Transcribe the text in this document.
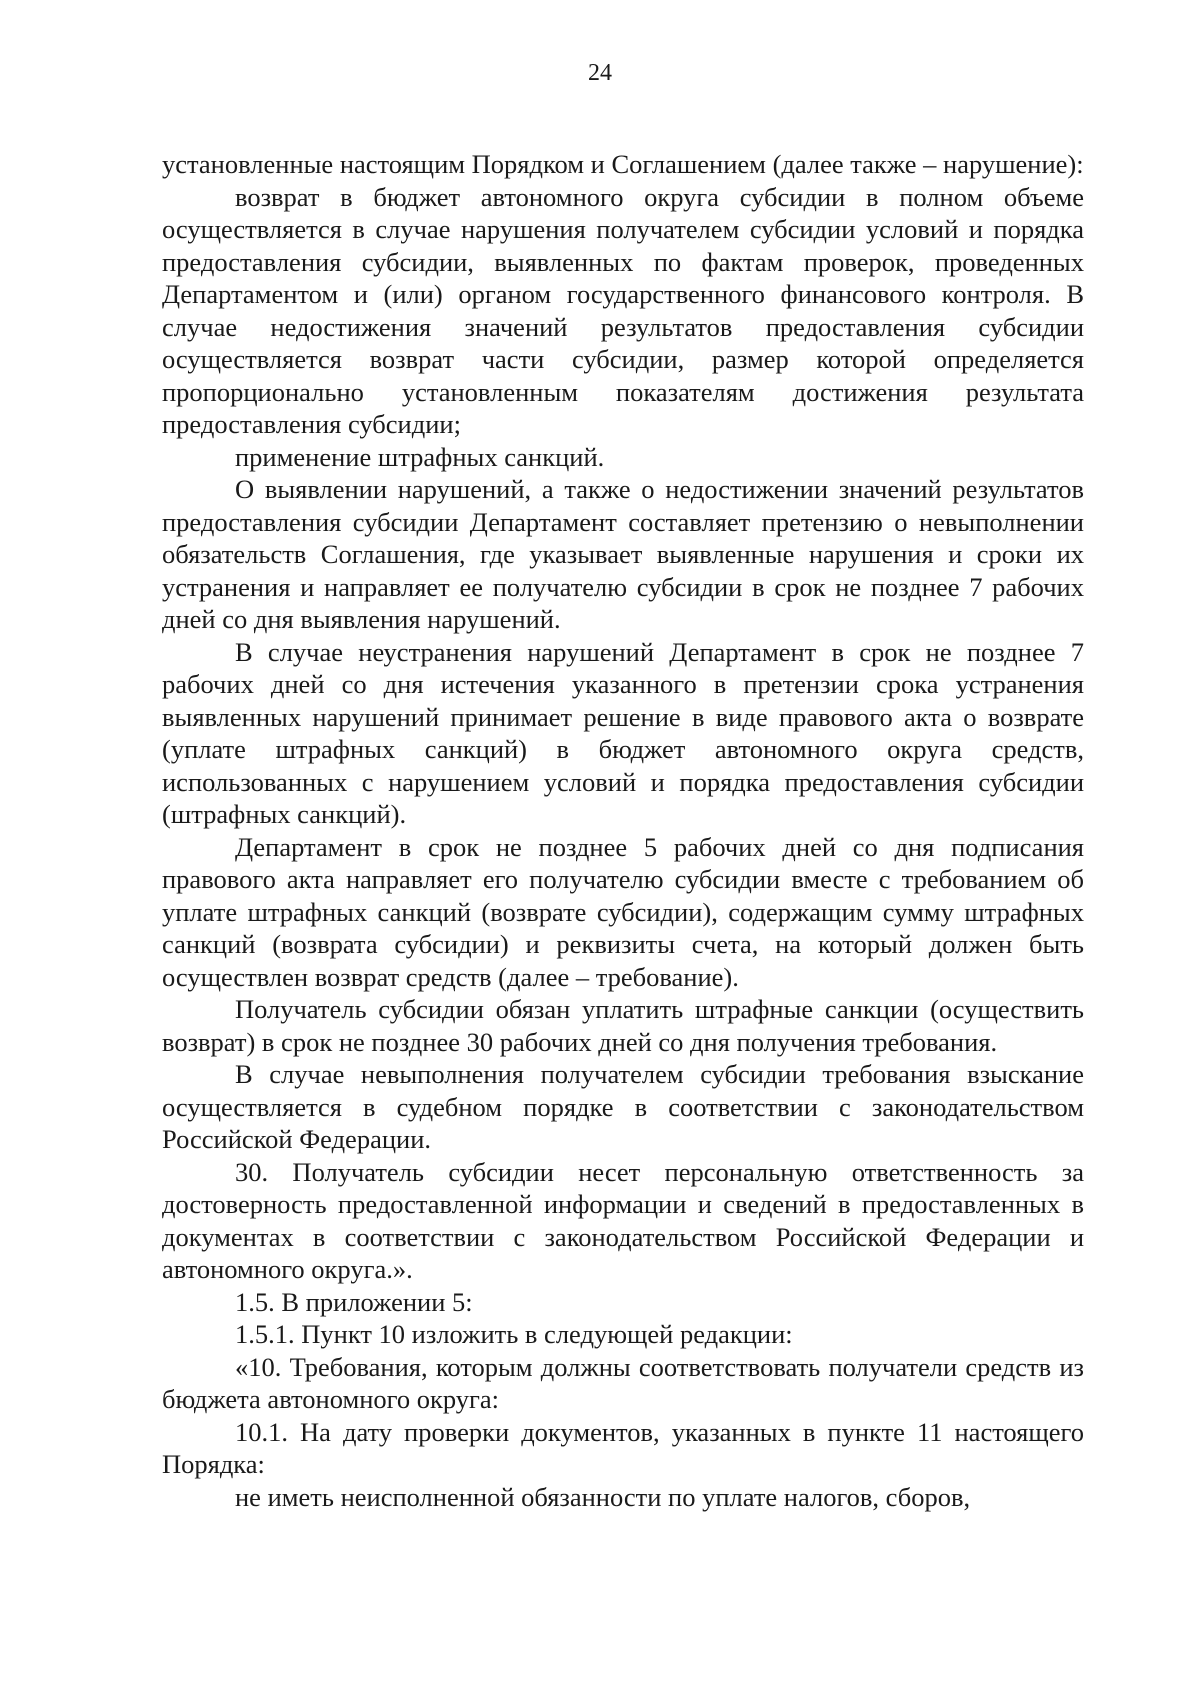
24

установленные настоящим Порядком и Соглашением (далее также – нарушение):

возврат в бюджет автономного округа субсидии в полном объеме осуществляется в случае нарушения получателем субсидии условий и порядка предоставления субсидии, выявленных по фактам проверок, проведенных Департаментом и (или) органом государственного финансового контроля. В случае недостижения значений результатов предоставления субсидии осуществляется возврат части субсидии, размер которой определяется пропорционально установленным показателям достижения результата предоставления субсидии;

применение штрафных санкций.

О выявлении нарушений, а также о недостижении значений результатов предоставления субсидии Департамент составляет претензию о невыполнении обязательств Соглашения, где указывает выявленные нарушения и сроки их устранения и направляет ее получателю субсидии в срок не позднее 7 рабочих дней со дня выявления нарушений.

В случае неустранения нарушений Департамент в срок не позднее 7 рабочих дней со дня истечения указанного в претензии срока устранения выявленных нарушений принимает решение в виде правового акта о возврате (уплате штрафных санкций) в бюджет автономного округа средств, использованных с нарушением условий и порядка предоставления субсидии (штрафных санкций).

Департамент в срок не позднее 5 рабочих дней со дня подписания правового акта направляет его получателю субсидии вместе с требованием об уплате штрафных санкций (возврате субсидии), содержащим сумму штрафных санкций (возврата субсидии) и реквизиты счета, на который должен быть осуществлен возврат средств (далее – требование).

Получатель субсидии обязан уплатить штрафные санкции (осуществить возврат) в срок не позднее 30 рабочих дней со дня получения требования.

В случае невыполнения получателем субсидии требования взыскание осуществляется в судебном порядке в соответствии с законодательством Российской Федерации.

30. Получатель субсидии несет персональную ответственность за достоверность предоставленной информации и сведений в предоставленных в документах в соответствии с законодательством Российской Федерации и автономного округа.».

1.5. В приложении 5:

1.5.1. Пункт 10 изложить в следующей редакции:

«10. Требования, которым должны соответствовать получатели средств из бюджета автономного округа:

10.1. На дату проверки документов, указанных в пункте 11 настоящего Порядка:

не иметь неисполненной обязанности по уплате налогов, сборов,
